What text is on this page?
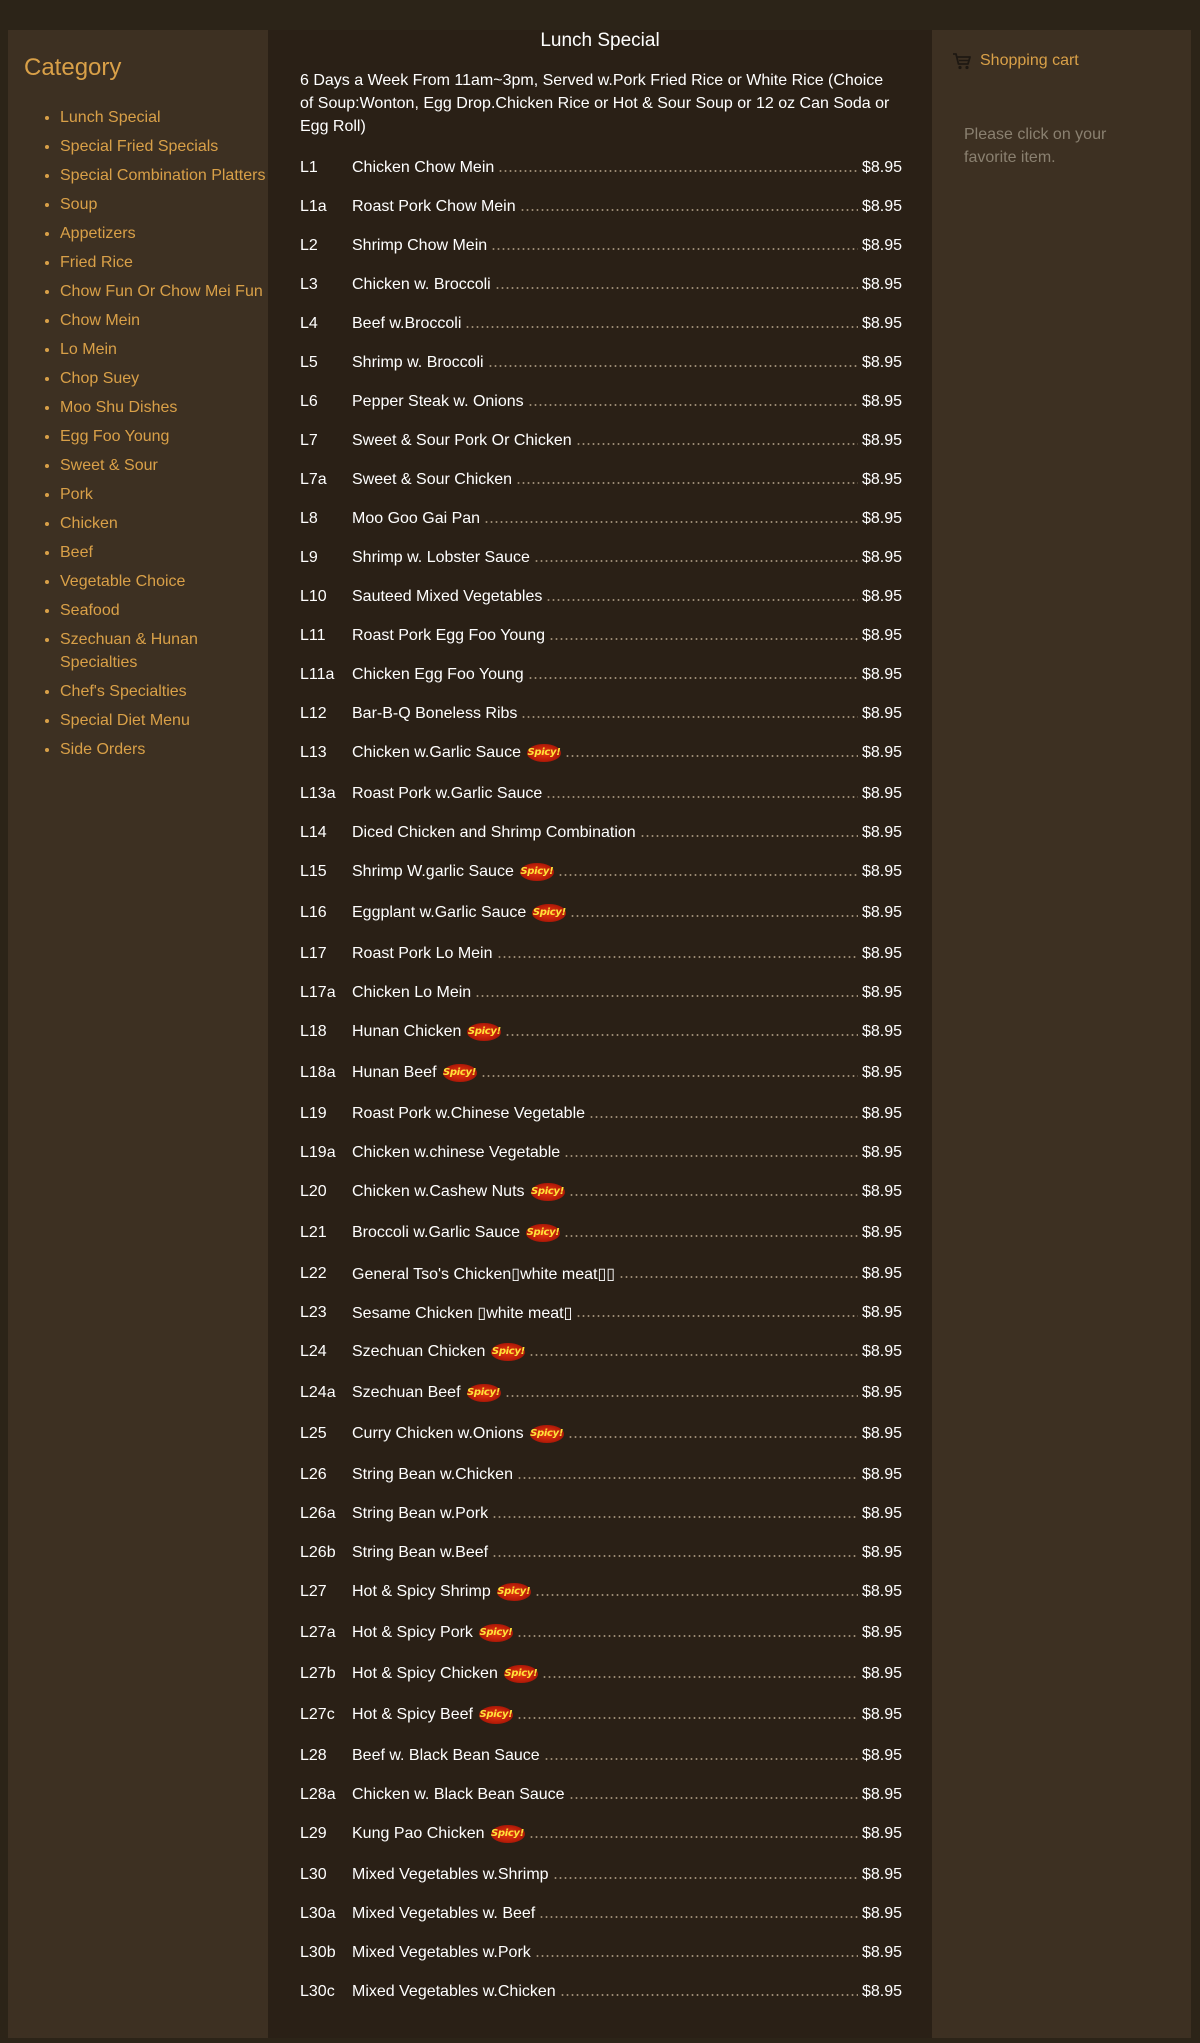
Category
• Lunch Special
• Special Fried Specials
• Special Combination Platters
• Soup
• Appetizers
• Fried Rice
• Chow Fun Or Chow Mei Fun
• Chow Mein
• Lo Mein
• Chop Suey
• Moo Shu Dishes
• Egg Foo Young
• Sweet & Sour
• Pork
• Chicken
• Beef
• Vegetable Choice
• Seafood
• Szechuan & Hunan Specialties
• Chef's Specialties
• Special Diet Menu
• Side Orders
Lunch Special
6 Days a Week From 11am~3pm, Served w.Pork Fried Rice or White Rice (Choice of Soup:Wonton, Egg Drop.Chicken Rice or Hot & Sour Soup or 12 oz Can Soda or Egg Roll)
L1	Chicken Chow Mein	$8.95
L1a	Roast Pork Chow Mein	$8.95
L2	Shrimp Chow Mein	$8.95
L3	Chicken w. Broccoli	$8.95
L4	Beef w.Broccoli	$8.95
L5	Shrimp w. Broccoli	$8.95
L6	Pepper Steak w. Onions	$8.95
L7	Sweet & Sour Pork Or Chicken	$8.95
L7a	Sweet & Sour Chicken	$8.95
L8	Moo Goo Gai Pan	$8.95
L9	Shrimp w. Lobster Sauce	$8.95
L10	Sauteed Mixed Vegetables	$8.95
L11	Roast Pork Egg Foo Young	$8.95
L11a	Chicken Egg Foo Young	$8.95
L12	Bar-B-Q Boneless Ribs	$8.95
L13	Chicken w.Garlic Sauce Spicy!	$8.95
L13a	Roast Pork w.Garlic Sauce	$8.95
L14	Diced Chicken and Shrimp Combination	$8.95
L15	Shrimp W.garlic Sauce Spicy!	$8.95
L16	Eggplant w.Garlic Sauce Spicy!	$8.95
L17	Roast Pork Lo Mein	$8.95
L17a	Chicken Lo Mein	$8.95
L18	Hunan Chicken Spicy!	$8.95
L18a	Hunan Beef Spicy!	$8.95
L19	Roast Pork w.Chinese Vegetable	$8.95
L19a	Chicken w.chinese Vegetable	$8.95
L20	Chicken w.Cashew Nuts Spicy!	$8.95
L21	Broccoli w.Garlic Sauce Spicy!	$8.95
L22	General Tso's Chicken▯white meat▯▯	$8.95
L23	Sesame Chicken ▯white meat▯	$8.95
L24	Szechuan Chicken Spicy!	$8.95
L24a	Szechuan Beef Spicy!	$8.95
L25	Curry Chicken w.Onions Spicy!	$8.95
L26	String Bean w.Chicken	$8.95
L26a	String Bean w.Pork	$8.95
L26b	String Bean w.Beef	$8.95
L27	Hot & Spicy Shrimp Spicy!	$8.95
L27a	Hot & Spicy Pork Spicy!	$8.95
L27b	Hot & Spicy Chicken Spicy!	$8.95
L27c	Hot & Spicy Beef Spicy!	$8.95
L28	Beef w. Black Bean Sauce	$8.95
L28a	Chicken w. Black Bean Sauce	$8.95
L29	Kung Pao Chicken Spicy!	$8.95
L30	Mixed Vegetables w.Shrimp	$8.95
L30a	Mixed Vegetables w. Beef	$8.95
L30b	Mixed Vegetables w.Pork	$8.95
L30c	Mixed Vegetables w.Chicken	$8.95
Shopping cart
Please click on your favorite item.
